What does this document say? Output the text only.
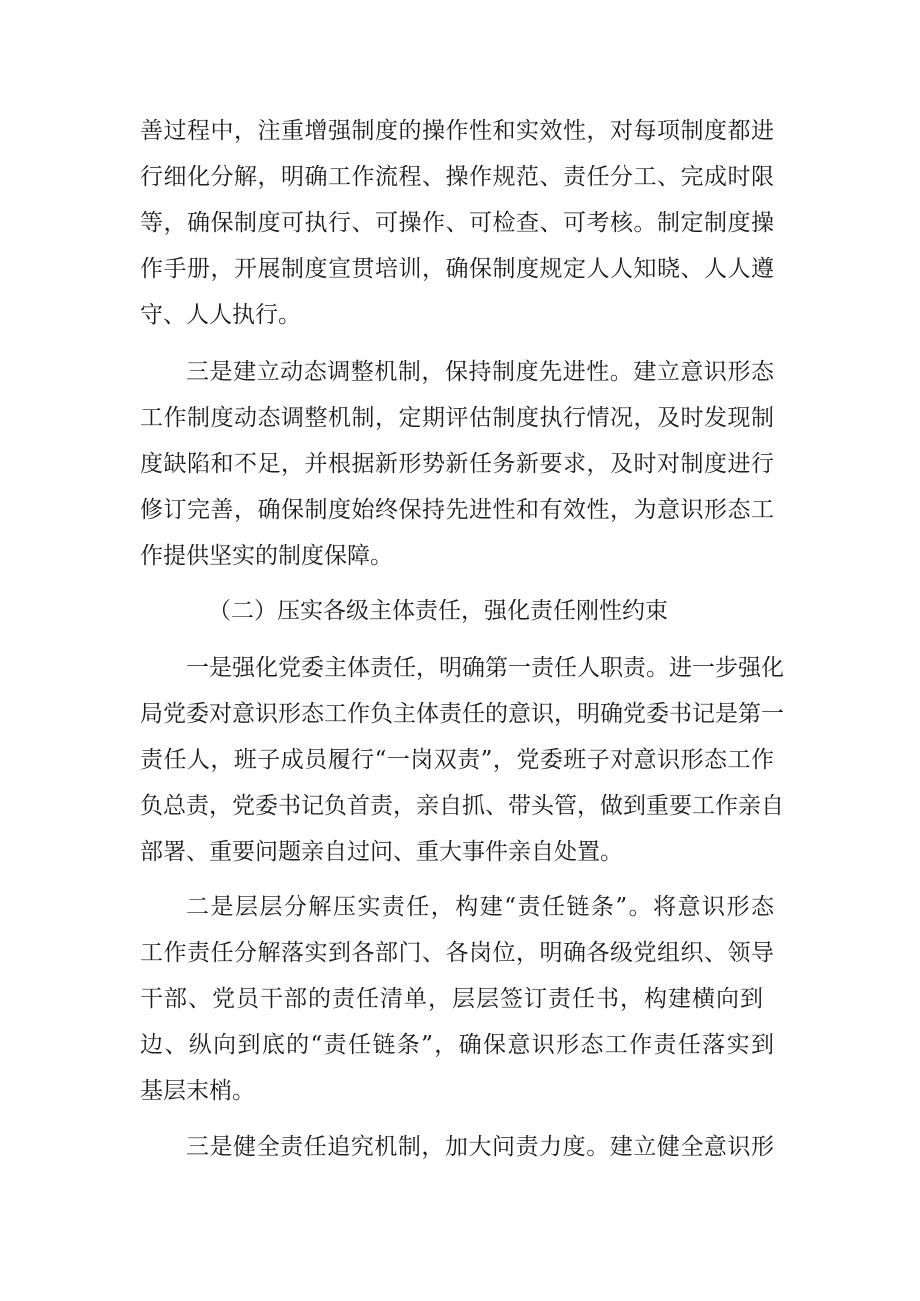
善过程中，注重增强制度的操作性和实效性，对每项制度都进
行细化分解，明确工作流程、操作规范、责任分工、完成时限
等，确保制度可执行、可操作、可检查、可考核。制定制度操
作手册，开展制度宣贯培训，确保制度规定人人知晓、人人遵
守、人人执行。
三是建立动态调整机制，保持制度先进性。建立意识形态
工作制度动态调整机制，定期评估制度执行情况，及时发现制
度缺陷和不足，并根据新形势新任务新要求，及时对制度进行
修订完善，确保制度始终保持先进性和有效性，为意识形态工
作提供坚实的制度保障。
（二）压实各级主体责任，强化责任刚性约束
一是强化党委主体责任，明确第一责任人职责。进一步强化
局党委对意识形态工作负主体责任的意识，明确党委书记是第一
责任人，班子成员履行“一岗双责”，党委班子对意识形态工作
负总责，党委书记负首责，亲自抓、带头管，做到重要工作亲自
部署、重要问题亲自过问、重大事件亲自处置。
二是层层分解压实责任，构建“责任链条”。将意识形态
工作责任分解落实到各部门、各岗位，明确各级党组织、领导
干部、党员干部的责任清单，层层签订责任书，构建横向到
边、纵向到底的“责任链条”，确保意识形态工作责任落实到
基层末梢。
三是健全责任追究机制，加大问责力度。建立健全意识形
